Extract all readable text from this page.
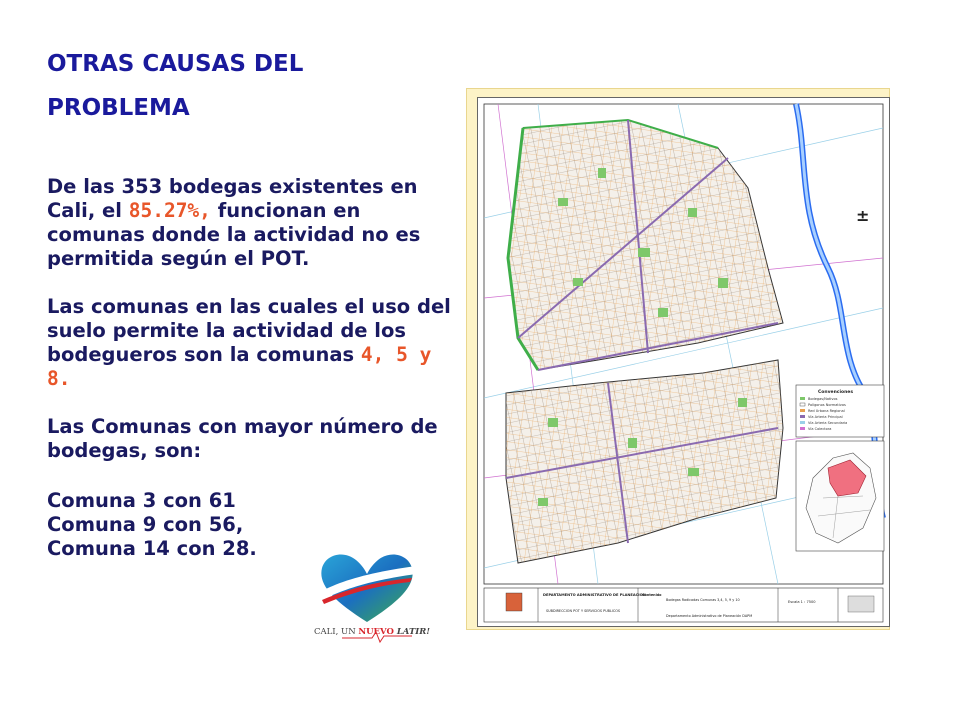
OTRAS CAUSAS DEL PROBLEMA

De las 353 bodegas existentes en Cali, el 85.27%, funcionan en comunas donde la actividad no es permitida según el POT.

Las comunas en las cuales el uso del suelo permite la actividad de los bodegueros son la comunas 4, 5 y 8.

Las Comunas con mayor número de bodegas, son:

Comuna 3 con 61
Comuna 9 con 56,
Comuna 14 con 28.
CALI, UN NUEVO LATIR!
±
Convenciones
Bodegas/Nativos
Polígonos Normativos
Red Urbana Regional
Vía Arteria Principal
Vía Arteria Secundaria
Vía Colectora
DEPARTAMENTO ADMINISTRATIVO DE PLANEACION
SUBDIRECCION POT Y SERVICIOS PUBLICOS
Contenido
Bodegas Radicadas Comunas 3,4, 5, 9 y 10
Departamento Administrativo de Planeación DAPM
Escala 1 : 7500
